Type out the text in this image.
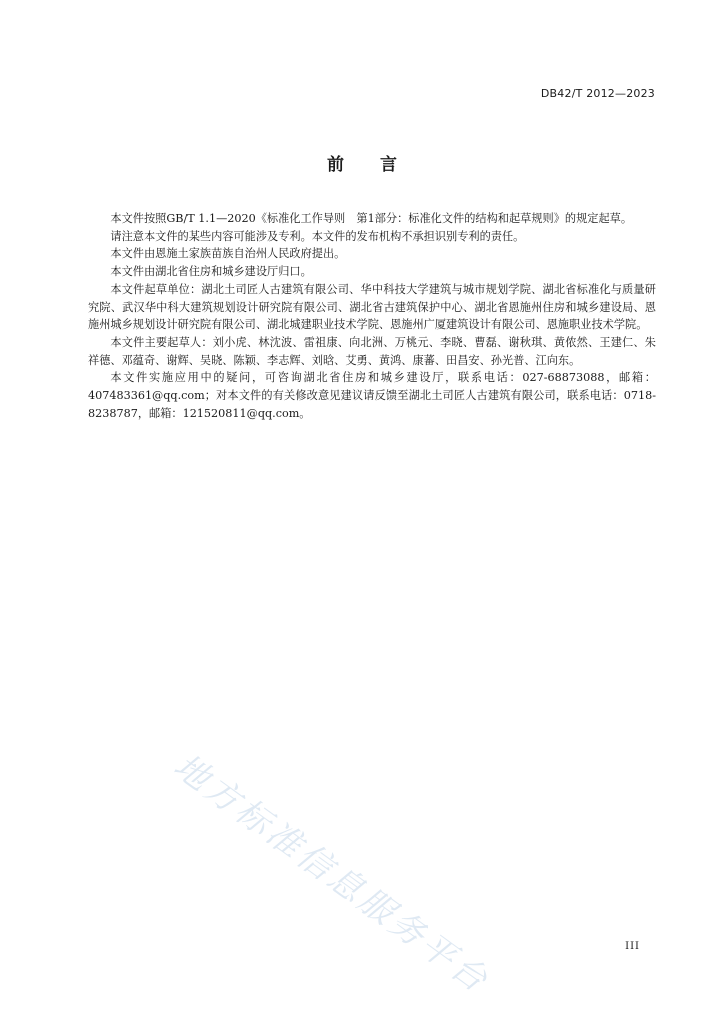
DB42/T 2012—2023
前 言

本文件按照GB/T 1.1—2020《标准化工作导则　第1部分：标准化文件的结构和起草规则》的规定起草。

请注意本文件的某些内容可能涉及专利。本文件的发布机构不承担识别专利的责任。

本文件由恩施土家族苗族自治州人民政府提出。

本文件由湖北省住房和城乡建设厅归口。

本文件起草单位：湖北土司匠人古建筑有限公司、华中科技大学建筑与城市规划学院、湖北省标准化与质量研究院、武汉华中科大建筑规划设计研究院有限公司、湖北省古建筑保护中心、湖北省恩施州住房和城乡建设局、恩施州城乡规划设计研究院有限公司、湖北城建职业技术学院、恩施州广厦建筑设计有限公司、恩施职业技术学院。

本文件主要起草人：刘小虎、林沈波、雷祖康、向北洲、万桃元、李晓、曹磊、谢秋琪、黄侬然、王建仁、朱祥德、邓蕴奇、谢辉、吴晓、陈颖、李志辉、刘晗、艾勇、黄鸿、康蕃、田昌安、孙光普、江向东。

本文件实施应用中的疑问，可咨询湖北省住房和城乡建设厅，联系电话：027-68873088，邮箱：407483361@qq.com；对本文件的有关修改意见建议请反馈至湖北土司匠人古建筑有限公司，联系电话：0718-8238787，邮箱：121520811@qq.com。

地方标准信息服务平台	III
